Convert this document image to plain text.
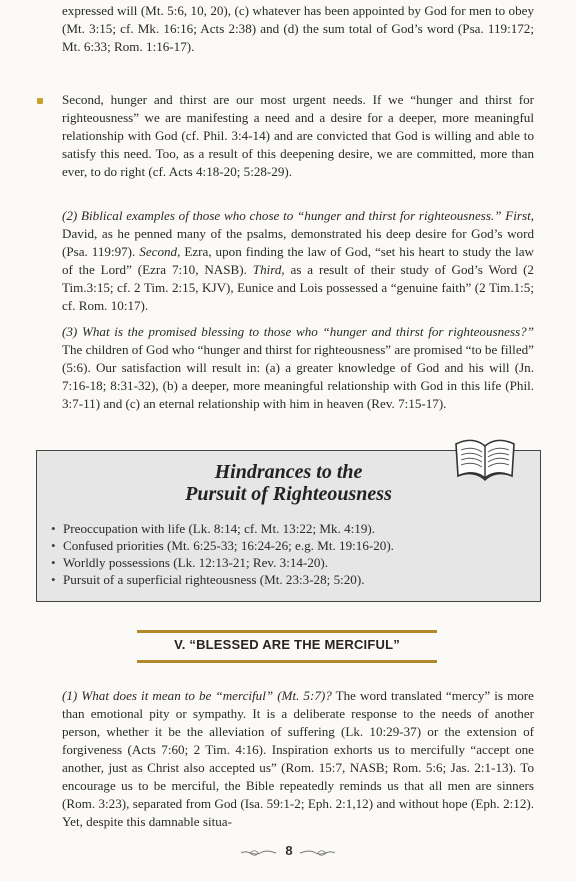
expressed will (Mt. 5:6, 10, 20), (c) whatever has been appointed by God for men to obey (Mt. 3:15; cf. Mk. 16:16; Acts 2:38) and (d) the sum total of God’s word (Psa. 119:172; Mt. 6:33; Rom. 1:16-17).

Second, hunger and thirst are our most urgent needs. If we “hunger and thirst for righteousness” we are manifesting a need and a desire for a deeper, more meaningful relationship with God (cf. Phil. 3:4-14) and are convicted that God is willing and able to satisfy this need. Too, as a result of this deepening desire, we are committed, more than ever, to do right (cf. Acts 4:18-20; 5:28-29).

(2) Biblical examples of those who chose to “hunger and thirst for righteousness.” First, David, as he penned many of the psalms, demonstrated his deep desire for God’s word (Psa. 119:97). Second, Ezra, upon finding the law of God, “set his heart to study the law of the Lord” (Ezra 7:10, NASB). Third, as a result of their study of God’s Word (2 Tim.3:15; cf. 2 Tim. 2:15, KJV), Eunice and Lois possessed a “genuine faith” (2 Tim.1:5; cf. Rom. 10:17).

(3) What is the promised blessing to those who “hunger and thirst for righteousness?” The children of God who “hunger and thirst for righteousness” are promised “to be filled” (5:6). Our satisfaction will result in: (a) a greater knowledge of God and his will (Jn. 7:16-18; 8:31-32), (b) a deeper, more meaningful relationship with God in this life (Phil. 3:7-11) and (c) an eternal relationship with him in heaven (Rev. 7:15-17).

Hindrances to the
Pursuit of Righteousness
• Preoccupation with life (Lk. 8:14; cf. Mt. 13:22; Mk. 4:19).
• Confused priorities (Mt. 6:25-33; 16:24-26; e.g. Mt. 19:16-20).
• Worldly possessions (Lk. 12:13-21; Rev. 3:14-20).
• Pursuit of a superficial righteousness (Mt. 23:3-28; 5:20).
V. “BLESSED ARE THE MERCIFUL”

(1) What does it mean to be “merciful” (Mt. 5:7)? The word translated “mercy” is more than emotional pity or sympathy. It is a deliberate response to the needs of another person, whether it be the alleviation of suffering (Lk. 10:29-37) or the extension of forgiveness (Acts 7:60; 2 Tim. 4:16). Inspiration exhorts us to mercifully “accept one another, just as Christ also accepted us” (Rom. 15:7, NASB; Rom. 5:6; Jas. 2:1-13). To encourage us to be merciful, the Bible repeatedly reminds us that all men are sinners (Rom. 3:23), separated from God (Isa. 59:1-2; Eph. 2:1,12) and without hope (Eph. 2:12). Yet, despite this damnable situa-

8
